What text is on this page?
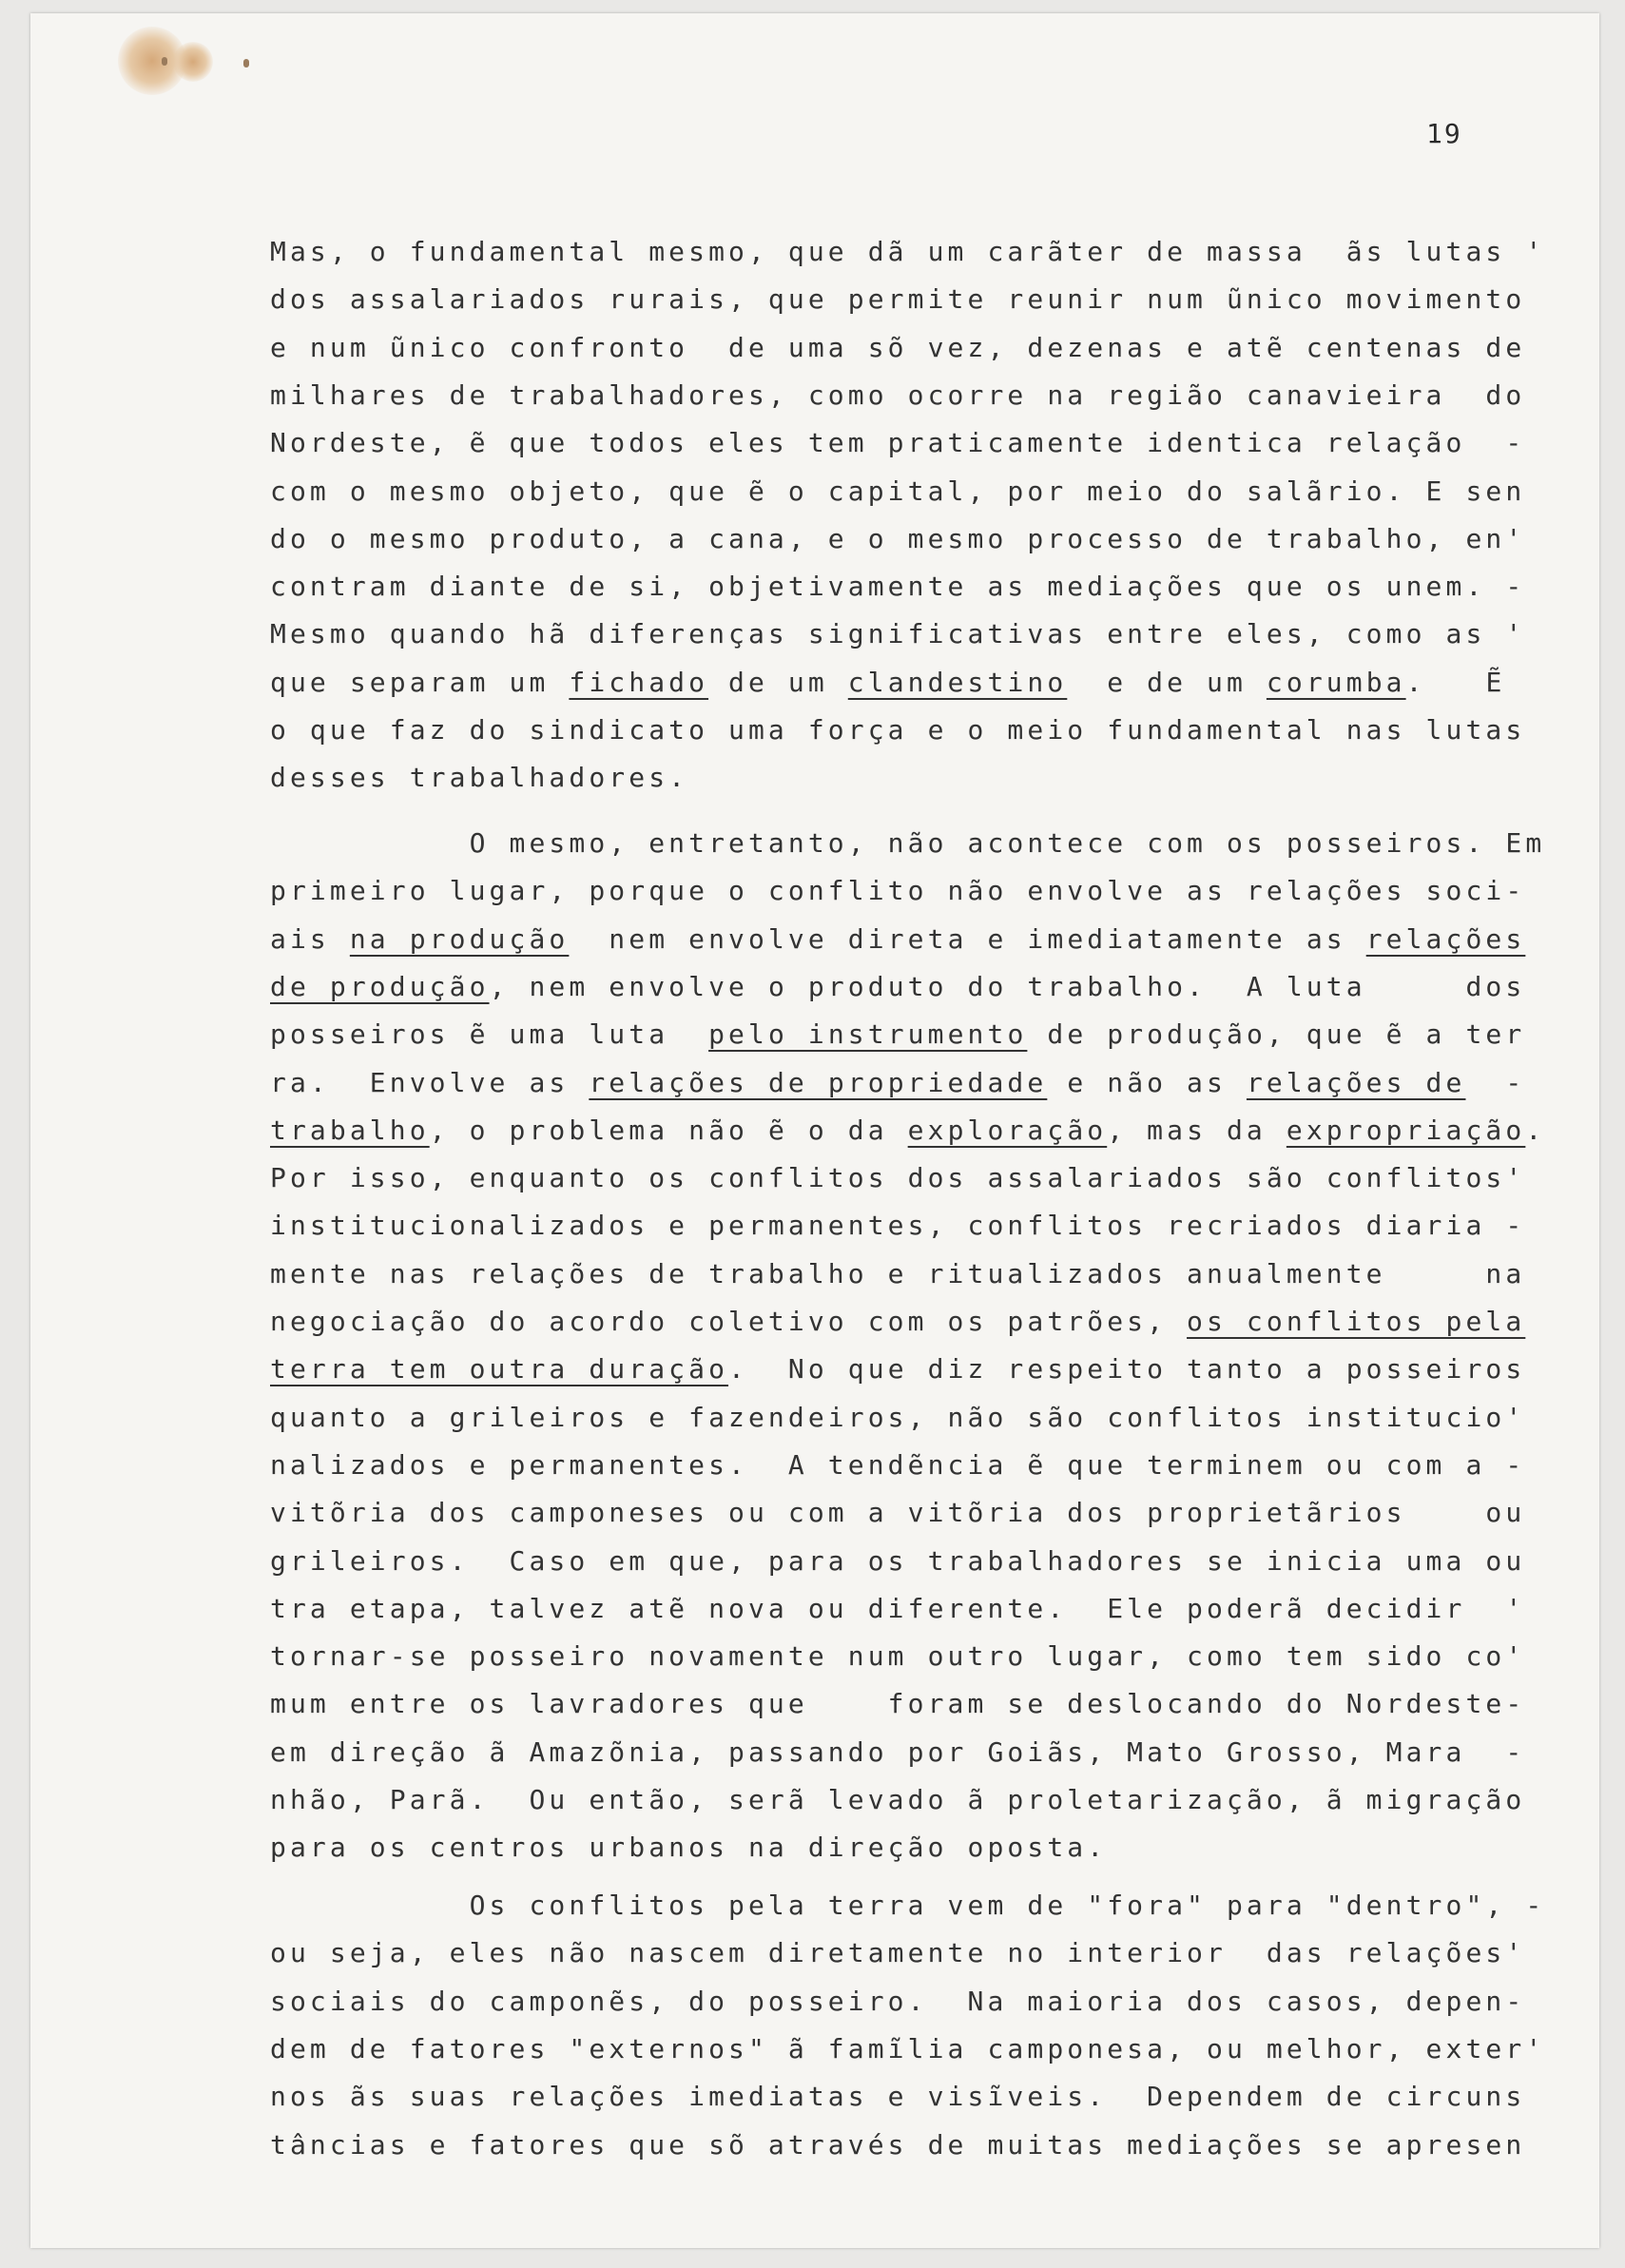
19
Mas, o fundamental mesmo, que dã um carãter de massa  ãs lutas '
dos assalariados rurais, que permite reunir num ũnico movimento
e num ũnico confronto  de uma sõ vez, dezenas e atẽ centenas de
milhares de trabalhadores, como ocorre na região canavieira  do
Nordeste, ẽ que todos eles tem praticamente identica relação  -
com o mesmo objeto, que ẽ o capital, por meio do salãrio. E sen
do o mesmo produto, a cana, e o mesmo processo de trabalho, en'
contram diante de si, objetivamente as mediações que os unem. -
Mesmo quando hã diferenças significativas entre eles, como as '
que separam um fichado de um clandestino  e de um corumba.   Ẽ
o que faz do sindicato uma força e o meio fundamental nas lutas
desses trabalhadores.
O mesmo, entretanto, não acontece com os posseiros. Em
primeiro lugar, porque o conflito não envolve as relações soci-
ais na produção  nem envolve direta e imediatamente as relações
de produção, nem envolve o produto do trabalho.  A luta     dos
posseiros ẽ uma luta  pelo instrumento de produção, que ẽ a ter
ra.  Envolve as relações de propriedade e não as relações de  -
trabalho, o problema não ẽ o da exploração, mas da expropriação.
Por isso, enquanto os conflitos dos assalariados são conflitos'
institucionalizados e permanentes, conflitos recriados diaria -
mente nas relações de trabalho e ritualizados anualmente     na
negociação do acordo coletivo com os patrões, os conflitos pela
terra tem outra duração.  No que diz respeito tanto a posseiros
quanto a grileiros e fazendeiros, não são conflitos institucio'
nalizados e permanentes.  A tendẽncia ẽ que terminem ou com a -
vitõria dos camponeses ou com a vitõria dos proprietãrios    ou
grileiros.  Caso em que, para os trabalhadores se inicia uma ou
tra etapa, talvez atẽ nova ou diferente.  Ele poderã decidir  '
tornar-se posseiro novamente num outro lugar, como tem sido co'
mum entre os lavradores que    foram se deslocando do Nordeste-
em direção ã Amazõnia, passando por Goiãs, Mato Grosso, Mara  -
nhão, Parã.  Ou então, serã levado ã proletarização, ã migração
para os centros urbanos na direção oposta.
Os conflitos pela terra vem de "fora" para "dentro", -
ou seja, eles não nascem diretamente no interior  das relações'
sociais do camponẽs, do posseiro.  Na maioria dos casos, depen-
dem de fatores "externos" ã famĩlia camponesa, ou melhor, exter'
nos ãs suas relações imediatas e visĩveis.  Dependem de circuns
tâncias e fatores que sõ através de muitas mediações se apresen
